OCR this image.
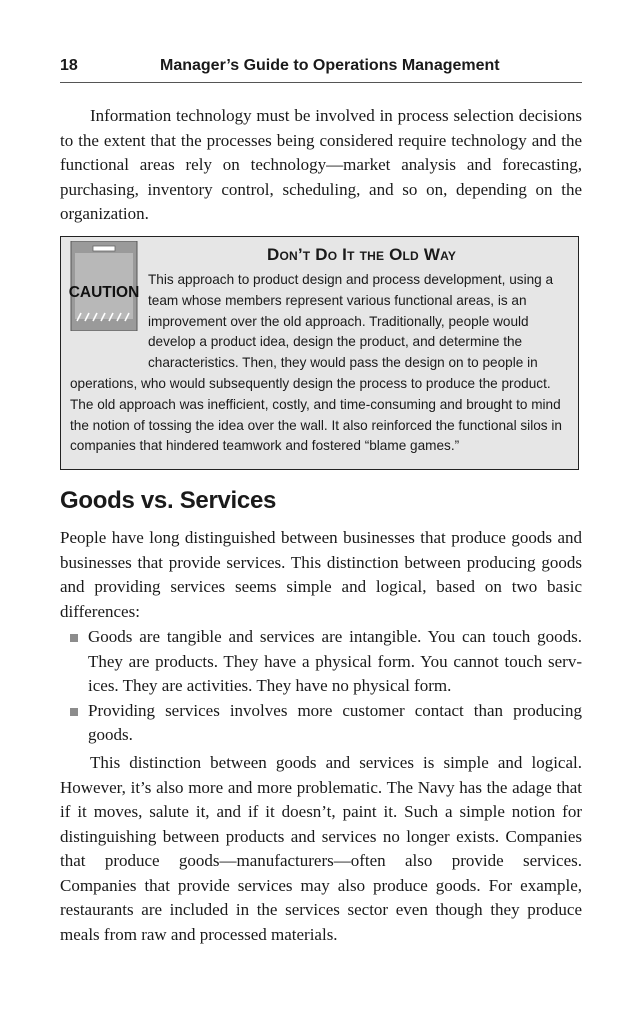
18	Manager’s Guide to Operations Management

Information technology must be involved in process selection decisions to the extent that the processes being considered require technology and the functional areas rely on technology—market analysis and forecasting, purchasing, inventory control, scheduling, and so on, depending on the organization.

CAUTION

Don’t Do It the Old Way

This approach to product design and process development, using a team whose members represent various functional areas, is an improvement over the old approach. Traditionally, people would develop a product idea, design the product, and determine the characteristics. Then, they would pass the design on to people in operations, who would subsequently design the process to produce the product. The old approach was inefficient, costly, and time-consuming and brought to mind the notion of tossing the idea over the wall. It also reinforced the functional silos in companies that hindered teamwork and fostered “blame games.”

Goods vs. Services

People have long distinguished between businesses that produce goods and businesses that provide services. This distinction between producing goods and providing services seems simple and logical, based on two basic differences:

Goods are tangible and services are intangible. You can touch goods. They are products. They have a physical form. You cannot touch services. They are activities. They have no physical form.
Providing services involves more customer contact than producing goods.

This distinction between goods and services is simple and logical. However, it’s also more and more problematic. The Navy has the adage that if it moves, salute it, and if it doesn’t, paint it. Such a simple notion for distinguishing between products and services no longer exists. Companies that produce goods—manufacturers—often also provide services. Companies that provide services may also produce goods. For example, restaurants are included in the services sector even though they produce meals from raw and processed materials.
